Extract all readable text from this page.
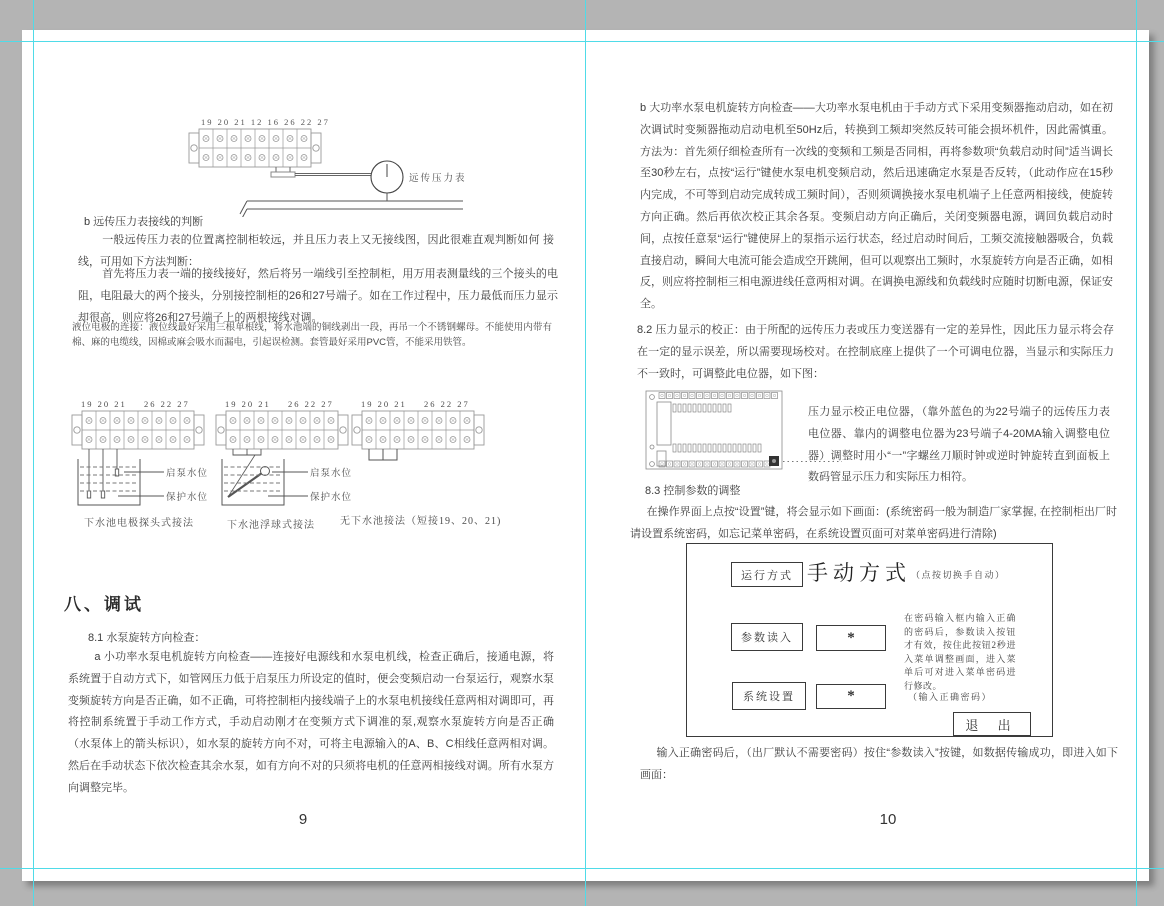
19 20 21 12 16 26 22 27
远传压力表
b 远传压力表接线的判断
一般远传压力表的位置离控制柜较远，并且压力表上又无接线图，因此很难直观判断如何 接线，可用如下方法判断：
首先将压力表一端的接线接好，然后将另一端线引至控制柜，用万用表测量线的三个接头的电阻，电阻最大的两个接头，分别接控制柜的26和27号端子。如在工作过程中，压力最低而压力显示却很高，则应将26和27号端子上的两根接线对调。
液位电极的连接：液位线最好采用三根单根线，将水池端的铜线剥出一段，再吊一个不锈钢螺母。不能使用内带有棉、麻的电缆线，因棉或麻会吸水而漏电，引起误检测。套管最好采用PVC管，不能采用铁管。
19 20 21 26 22 27
启泵水位
保护水位
19 20 21 26 22 27
启泵水位
保护水位
19 20 21 26 22 27
下水池电极探头式接法	下水池浮球式接法	无下水池接法（短接19、20、21)
八、调试
8.1 水泵旋转方向检查：
a 小功率水泵电机旋转方向检查——连接好电源线和水泵电机线，检查正确后，接通电源，将系统置于自动方式下，如管网压力低于启泵压力所设定的值时，便会变频启动一台泵运行，观察水泵变频旋转方向是否正确，如不正确，可将控制柜内接线端子上的水泵电机接线任意两相对调即可，再将控制系统置于手动工作方式，手动启动刚才在变频方式下调准的泵,观察水泵旋转方向是否正确（水泵体上的箭头标识），如水泵的旋转方向不对，可将主电源输入的A、B、C相线任意两相对调。然后在手动状态下依次检查其余水泵，如有方向不对的只须将电机的任意两相接线对调。所有水泵方向调整完毕。
9
b 大功率水泵电机旋转方向检查——大功率水泵电机由于手动方式下采用变频器拖动启动，如在初次调试时变频器拖动启动电机至50Hz后，转换到工频却突然反转可能会损坏机件，因此需慎重。方法为：首先须仔细检查所有一次线的变频和工频是否同相，再将参数项“负载启动时间”适当调长至30秒左右，点按“运行”键使水泵电机变频启动，然后迅速确定水泵是否反转，（此动作应在15秒内完成，不可等到启动完成转成工频时间），否则须调换接水泵电机端子上任意两相接线，使旋转方向正确。然后再依次校正其余各泵。变频启动方向正确后，关闭变频器电源，调回负载启动时间，点按任意泵“运行”键使屏上的泵指示运行状态，经过启动时间后，工频交流接触器吸合，负载直接启动，瞬间大电流可能会造成空开跳闸，但可以观察出工频时，水泵旋转方向是否正确，如相反，则应将控制柜三相电源进线任意两相对调。在调换电源线和负载线时应随时切断电源，保证安全。
8.2 压力显示的校正：由于所配的远传压力表或压力变送器有一定的差异性，因此压力显示将会存在一定的显示误差，所以需要现场校对。在控制底座上提供了一个可调电位器，当显示和实际压力不一致时，可调整此电位器，如下图：
压力显示校正电位器，（靠外蓝色的为22号端子的远传压力表电位器、靠内的调整电位器为23号端子4-20MA输入调整电位器）调整时用小“一”字螺丝刀顺时钟或逆时钟旋转直到面板上数码管显示压力和实际压力相符。
8.3 控制参数的调整
在操作界面上点按“设置”键，将会显示如下画面：(系统密码一般为制造厂家掌握, 在控制柜出厂时请设置系统密码，如忘记菜单密码，在系统设置页面可对菜单密码进行清除)
运行方式 手动方式 （点按切换手自动）
参数读入	*
在密码输入框内输入正确的密码后，参数读入按钮才有效，按住此按钮2秒进入菜单调整画面，进入菜单后可对进入菜单密码进行修改。
系统设置	*	（输入正确密码）
退 出
输入正确密码后，（出厂默认不需要密码）按住“参数读入”按键，如数据传输成功，即进入如下画面：
10
